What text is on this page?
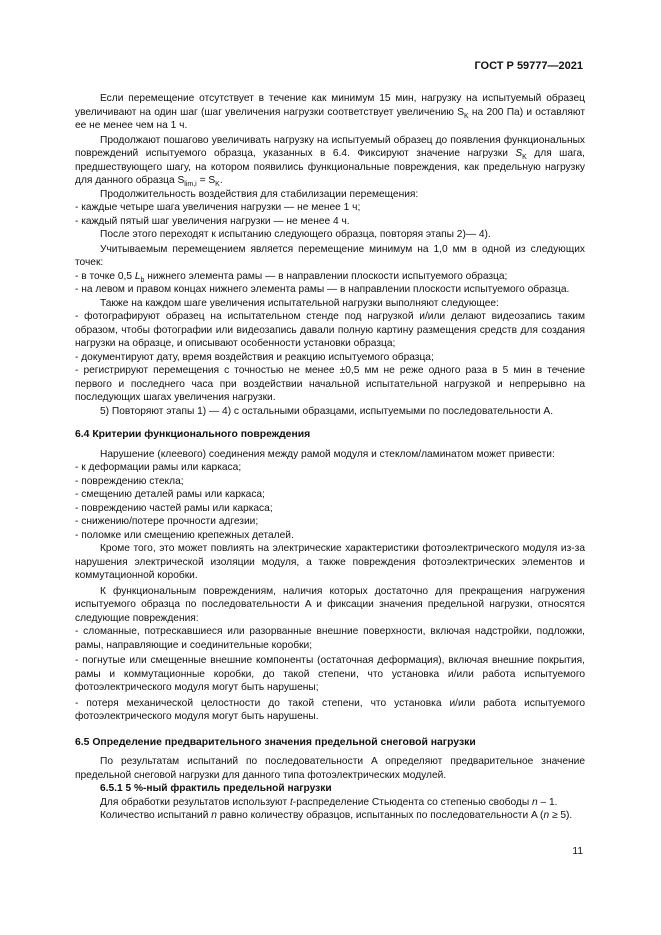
ГОСТ Р 59777—2021

Если перемещение отсутствует в течение как минимум 15 мин, нагрузку на испытуемый образец увеличивают на один шаг (шаг увеличения нагрузки соответствует увеличению $S_K$ на 200 Па) и оставляют ее не менее чем на 1 ч.

Продолжают пошагово увеличивать нагрузку на испытуемый образец до появления функциональных повреждений испытуемого образца, указанных в 6.4. Фиксируют значение нагрузки $S_K$ для шага, предшествующего шагу, на котором появились функциональные повреждения, как предельную нагрузку для данного образца $S_{lim,i} = S_K$.

Продолжительность воздействия для стабилизации перемещения:

- каждые четыре шага увеличения нагрузки — не менее 1 ч;

- каждый пятый шаг увеличения нагрузки — не менее 4 ч.

После этого переходят к испытанию следующего образца, повторяя этапы 2)— 4).

Учитываемым перемещением является перемещение минимум на 1,0 мм в одной из следующих точек:

- в точке 0,5 $L_b$ нижнего элемента рамы — в направлении плоскости испытуемого образца;

- на левом и правом концах нижнего элемента рамы — в направлении плоскости испытуемого образца.

Также на каждом шаге увеличения испытательной нагрузки выполняют следующее:

- фотографируют образец на испытательном стенде под нагрузкой и/или делают видеозапись таким образом, чтобы фотографии или видеозапись давали полную картину размещения средств для создания нагрузки на образце, и описывают особенности установки образца;

- документируют дату, время воздействия и реакцию испытуемого образца;

- регистрируют перемещения с точностью не менее ±0,5 мм не реже одного раза в 5 мин в течение первого и последнего часа при воздействии начальной испытательной нагрузкой и непрерывно на последующих шагах увеличения нагрузки.

5) Повторяют этапы 1) — 4) с остальными образцами, испытуемыми по последовательности A.

6.4 Критерии функционального повреждения

Нарушение (клеевого) соединения между рамой модуля и стеклом/ламинатом может привести:

- к деформации рамы или каркаса;

- повреждению стекла;

- смещению деталей рамы или каркаса;

- повреждению частей рамы или каркаса;

- снижению/потере прочности адгезии;

- поломке или смещению крепежных деталей.

Кроме того, это может повлиять на электрические характеристики фотоэлектрического модуля из-за нарушения электрической изоляции модуля, а также повреждения фотоэлектрических элементов и коммутационной коробки.

К функциональным повреждениям, наличия которых достаточно для прекращения нагружения испытуемого образца по последовательности A и фиксации значения предельной нагрузки, относятся следующие повреждения:

- сломанные, потрескавшиеся или разорванные внешние поверхности, включая надстройки, подложки, рамы, направляющие и соединительные коробки;

- погнутые или смещенные внешние компоненты (остаточная деформация), включая внешние покрытия, рамы и коммутационные коробки, до такой степени, что установка и/или работа испытуемого фотоэлектрического модуля могут быть нарушены;

- потеря механической целостности до такой степени, что установка и/или работа испытуемого фотоэлектрического модуля могут быть нарушены.

6.5 Определение предварительного значения предельной снеговой нагрузки

По результатам испытаний по последовательности A определяют предварительное значение предельной снеговой нагрузки для данного типа фотоэлектрических модулей.

6.5.1 5 %-ный фрактиль предельной нагрузки

Для обработки результатов используют t-распределение Стьюдента со степенью свободы n – 1.

Количество испытаний n равно количеству образцов, испытанных по последовательности A (n ≥ 5).

11
